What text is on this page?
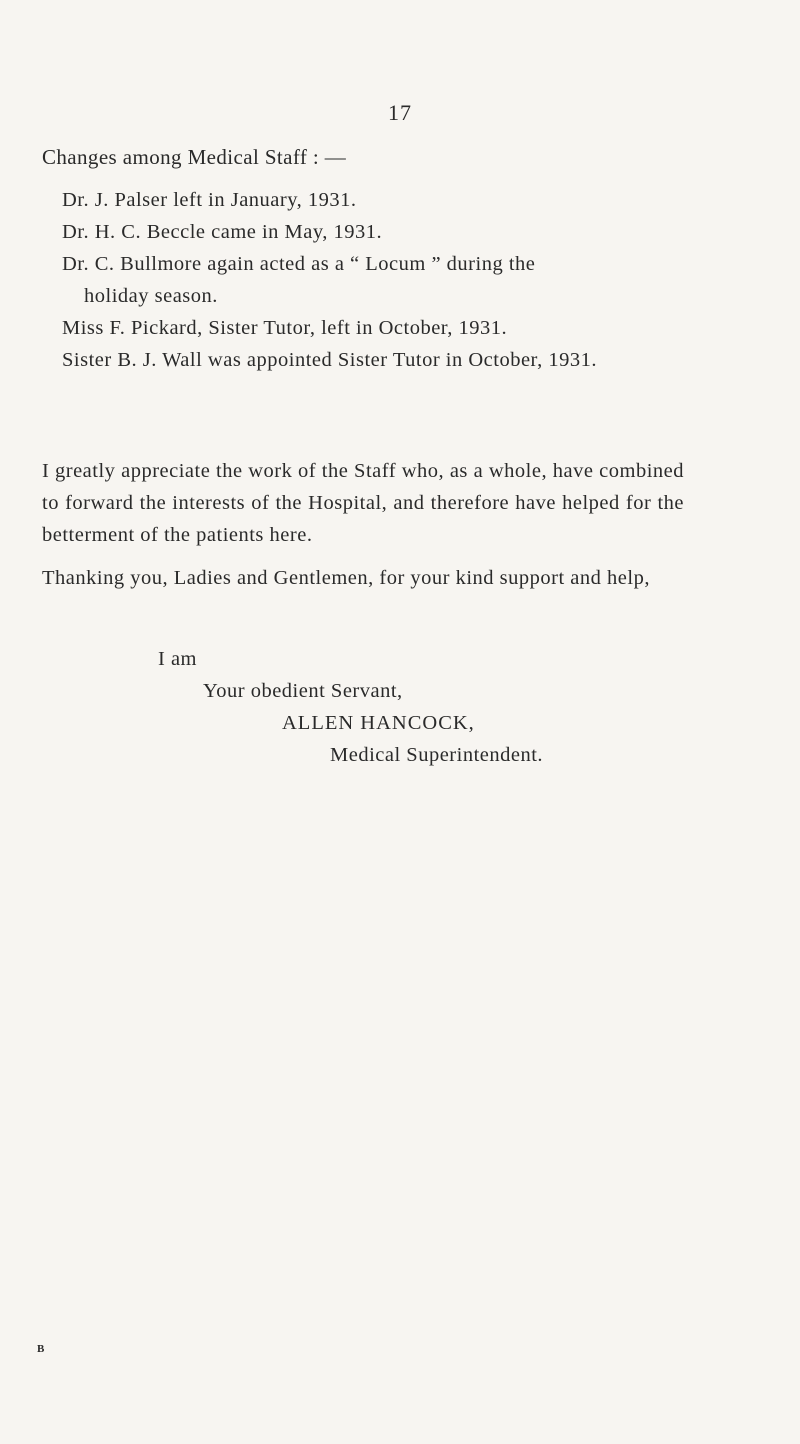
17
Changes among Medical Staff : —
Dr. J. Palser left in January, 1931.
Dr. H. C. Beccle came in May, 1931.
Dr. C. Bullmore again acted as a “ Locum ” during the
holiday season.
Miss F. Pickard, Sister Tutor, left in October, 1931.
Sister B. J. Wall was appointed Sister Tutor in October, 1931.

I greatly appreciate the work of the Staff who, as a whole, have combined to forward the interests of the Hospital, and therefore have helped for the betterment of the patients here.

Thanking you, Ladies and Gentlemen, for your kind support and help,

I am
Your obedient Servant,
ALLEN HANCOCK,
Medical Superintendent.
B
